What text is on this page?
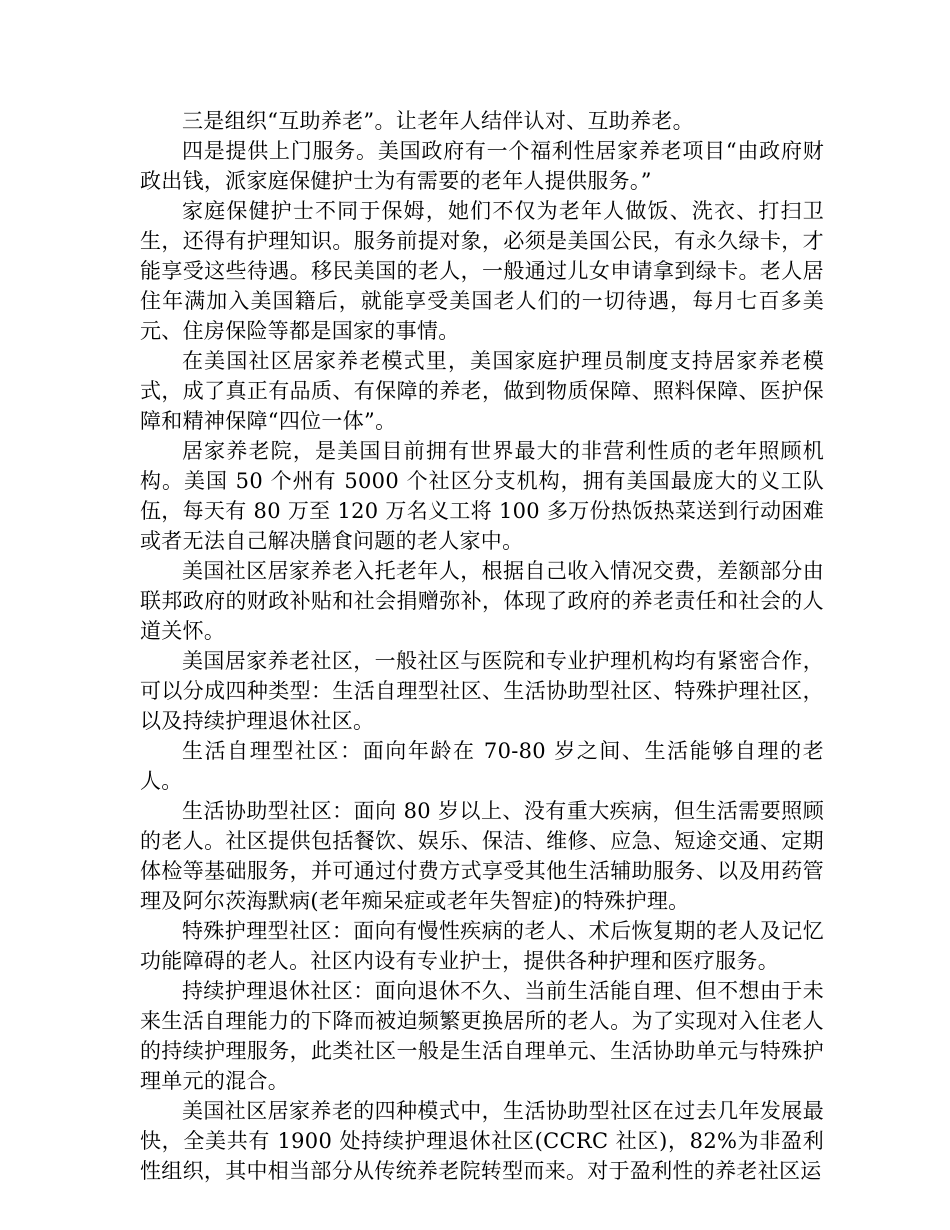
三是组织“互助养老”。让老年人结伴认对、互助养老。

四是提供上门服务。美国政府有一个福利性居家养老项目“由政府财政出钱，派家庭保健护士为有需要的老年人提供服务。”

家庭保健护士不同于保姆，她们不仅为老年人做饭、洗衣、打扫卫生，还得有护理知识。服务前提对象，必须是美国公民，有永久绿卡，才能享受这些待遇。移民美国的老人，一般通过儿女申请拿到绿卡。老人居住年满加入美国籍后，就能享受美国老人们的一切待遇，每月七百多美元、住房保险等都是国家的事情。

在美国社区居家养老模式里，美国家庭护理员制度支持居家养老模式，成了真正有品质、有保障的养老，做到物质保障、照料保障、医护保障和精神保障“四位一体”。

居家养老院，是美国目前拥有世界最大的非营利性质的老年照顾机构。美国 50 个州有 5000 个社区分支机构，拥有美国最庞大的义工队伍，每天有 80 万至 120 万名义工将 100 多万份热饭热菜送到行动困难或者无法自己解决膳食问题的老人家中。

美国社区居家养老入托老年人，根据自己收入情况交费，差额部分由联邦政府的财政补贴和社会捐赠弥补，体现了政府的养老责任和社会的人道关怀。

美国居家养老社区，一般社区与医院和专业护理机构均有紧密合作，可以分成四种类型：生活自理型社区、生活协助型社区、特殊护理社区，以及持续护理退休社区。

生活自理型社区：面向年龄在 70-80 岁之间、生活能够自理的老人。

生活协助型社区：面向 80 岁以上、没有重大疾病，但生活需要照顾的老人。社区提供包括餐饮、娱乐、保洁、维修、应急、短途交通、定期体检等基础服务，并可通过付费方式享受其他生活辅助服务、以及用药管理及阿尔茨海默病(老年痴呆症或老年失智症)的特殊护理。

特殊护理型社区：面向有慢性疾病的老人、术后恢复期的老人及记忆功能障碍的老人。社区内设有专业护士，提供各种护理和医疗服务。

持续护理退休社区：面向退休不久、当前生活能自理、但不想由于未来生活自理能力的下降而被迫频繁更换居所的老人。为了实现对入住老人的持续护理服务，此类社区一般是生活自理单元、生活协助单元与特殊护理单元的混合。

美国社区居家养老的四种模式中，生活协助型社区在过去几年发展最快，全美共有 1900 处持续护理退休社区(CCRC 社区)，82%为非盈利性组织，其中相当部分从传统养老院转型而来。对于盈利性的养老社区运
